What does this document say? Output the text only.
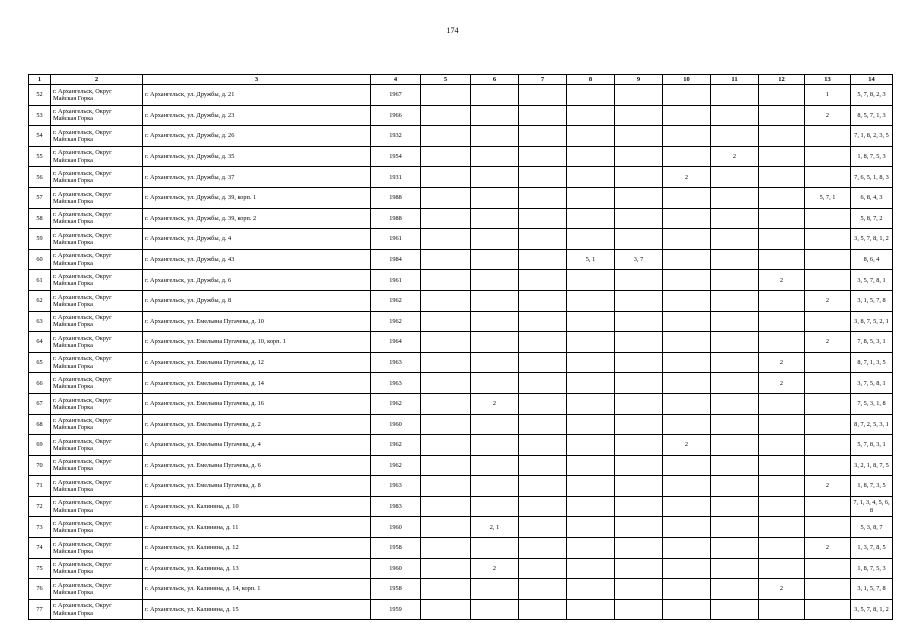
174
1	2	3	4	5	6	7	8	9	10	11	12	13	14
52	г. Архангельск, Округ
Майская Горка	г. Архангельск, ул. Дружбы, д. 21	1967									1	5, 7, 8, 2, 3
53	г. Архангельск, Округ
Майская Горка	г. Архангельск, ул. Дружбы, д. 23	1966									2	8, 5, 7, 1, 3
54	г. Архангельск, Округ
Майская Горка	г. Архангельск, ул. Дружбы, д. 26	1932										7, 1, 8, 2, 3, 5
55	г. Архангельск, Округ
Майская Горка	г. Архангельск, ул. Дружбы, д. 35	1954							2			1, 8, 7, 5, 3
56	г. Архангельск, Округ
Майская Горка	г. Архангельск, ул. Дружбы, д. 37	1931						2				7, 6, 5, 1, 8, 3
57	г. Архангельск, Округ
Майская Горка	г. Архангельск, ул. Дружбы, д. 39, корп. 1	1988									5, 7, 1	6, 8, 4, 3
58	г. Архангельск, Округ
Майская Горка	г. Архангельск, ул. Дружбы, д. 39, корп. 2	1988										5, 8, 7, 2
59	г. Архангельск, Округ
Майская Горка	г. Архангельск, ул. Дружбы, д. 4	1961										3, 5, 7, 8, 1, 2
60	г. Архангельск, Округ
Майская Горка	г. Архангельск, ул. Дружбы, д. 43	1984				5, 1	3, 7					8, 6, 4
61	г. Архангельск, Округ
Майская Горка	г. Архангельск, ул. Дружбы, д. 6	1961								2		3, 5, 7, 8, 1
62	г. Архангельск, Округ
Майская Горка	г. Архангельск, ул. Дружбы, д. 8	1962									2	3, 1, 5, 7, 8
63	г. Архангельск, Округ
Майская Горка	г. Архангельск, ул. Емельяна Пугачева, д. 10	1962										3, 8, 7, 5, 2, 1
64	г. Архангельск, Округ
Майская Горка	г. Архангельск, ул. Емельяна Пугачева, д. 10, корп. 1	1964									2	7, 8, 5, 3, 1
65	г. Архангельск, Округ
Майская Горка	г. Архангельск, ул. Емельяна Пугачева, д. 12	1963								2		8, 7, 1, 3, 5
66	г. Архангельск, Округ
Майская Горка	г. Архангельск, ул. Емельяна Пугачева, д. 14	1963								2		3, 7, 5, 8, 1
67	г. Архангельск, Округ
Майская Горка	г. Архангельск, ул. Емельяна Пугачева, д. 16	1962		2								7, 5, 3, 1, 8
68	г. Архангельск, Округ
Майская Горка	г. Архангельск, ул. Емельяна Пугачева, д. 2	1960										8, 7, 2, 5, 3, 1
69	г. Архангельск, Округ
Майская Горка	г. Архангельск, ул. Емельяна Пугачева, д. 4	1962						2				5, 7, 8, 3, 1
70	г. Архангельск, Округ
Майская Горка	г. Архангельск, ул. Емельяна Пугачева, д. 6	1962										3, 2, 1, 8, 7, 5
71	г. Архангельск, Округ
Майская Горка	г. Архангельск, ул. Емельяна Пугачева, д. 8	1963									2	1, 8, 7, 3, 5
72	г. Архангельск, Округ
Майская Горка	г. Архангельск, ул. Калинина, д. 10	1983										7, 1, 3, 4, 5, 6, 8
73	г. Архангельск, Округ
Майская Горка	г. Архангельск, ул. Калинина, д. 11	1960		2, 1								5, 3, 8, 7
74	г. Архангельск, Округ
Майская Горка	г. Архангельск, ул. Калинина, д. 12	1958									2	1, 3, 7, 8, 5
75	г. Архангельск, Округ
Майская Горка	г. Архангельск, ул. Калинина, д. 13	1960		2								1, 8, 7, 5, 3
76	г. Архангельск, Округ
Майская Горка	г. Архангельск, ул. Калинина, д. 14, корп. 1	1958								2		3, 1, 5, 7, 8
77	г. Архангельск, Округ
Майская Горка	г. Архангельск, ул. Калинина, д. 15	1959										3, 5, 7, 8, 1, 2
